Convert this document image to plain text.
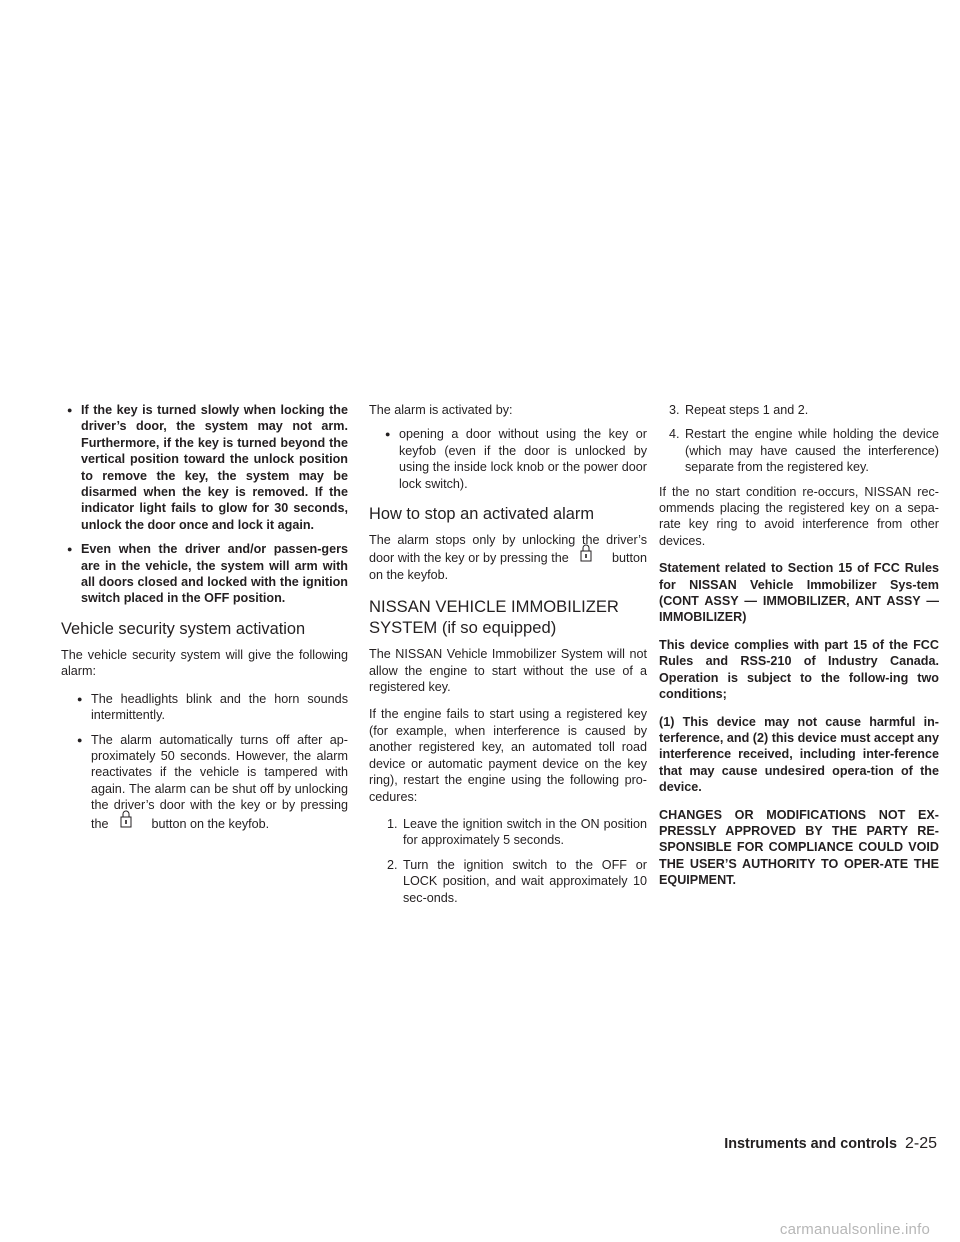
● If the key is turned slowly when locking the driver’s door, the system may not arm. Furthermore, if the key is turned beyond the vertical position toward the unlock position to remove the key, the system may be disarmed when the key is removed. If the indicator light fails to glow for 30 seconds, unlock the door once and lock it again.
● Even when the driver and/or passen-gers are in the vehicle, the system will arm with all doors closed and locked with the ignition switch placed in the OFF position.
Vehicle security system activation

The vehicle security system will give the following alarm:

● The headlights blink and the horn sounds intermittently.
● The alarm automatically turns off after ap-proximately 50 seconds. However, the alarm reactivates if the vehicle is tampered with again. The alarm can be shut off by unlocking the driver’s door with the key or by pressing the	button on the keyfob.

The alarm is activated by:

● opening a door without using the key or keyfob (even if the door is unlocked by using the inside lock knob or the power door lock switch).
How to stop an activated alarm

The alarm stops only by unlocking the driver’s door with the key or by pressing the	button on the keyfob.

NISSAN VEHICLE IMMOBILIZER
SYSTEM (if so equipped)

The NISSAN Vehicle Immobilizer System will not allow the engine to start without the use of a registered key.

If the engine fails to start using a registered key (for example, when interference is caused by another registered key, an automated toll road device or automatic payment device on the key ring), restart the engine using the following pro-cedures:

1. Leave the ignition switch in the ON position for approximately 5 seconds.
2. Turn the ignition switch to the OFF or LOCK position, and wait approximately 10 sec-onds.
3. Repeat steps 1 and 2.
4. Restart the engine while holding the device (which may have caused the interference) separate from the registered key.

If the no start condition re-occurs, NISSAN rec-ommends placing the registered key on a sepa-rate key ring to avoid interference from other devices.

Statement related to Section 15 of FCC Rules for NISSAN Vehicle Immobilizer Sys-tem (CONT ASSY — IMMOBILIZER, ANT ASSY — IMMOBILIZER)

This device complies with part 15 of the FCC Rules and RSS-210 of Industry Canada. Operation is subject to the follow-ing two conditions;

(1) This device may not cause harmful in-terference, and (2) this device must accept any interference received, including inter-ference that may cause undesired opera-tion of the device.

CHANGES OR MODIFICATIONS NOT EX-PRESSLY APPROVED BY THE PARTY RE-SPONSIBLE FOR COMPLIANCE COULD VOID THE USER’S AUTHORITY TO OPER-ATE THE EQUIPMENT.

Instruments and controls 2-25
carmanualsonline.info
